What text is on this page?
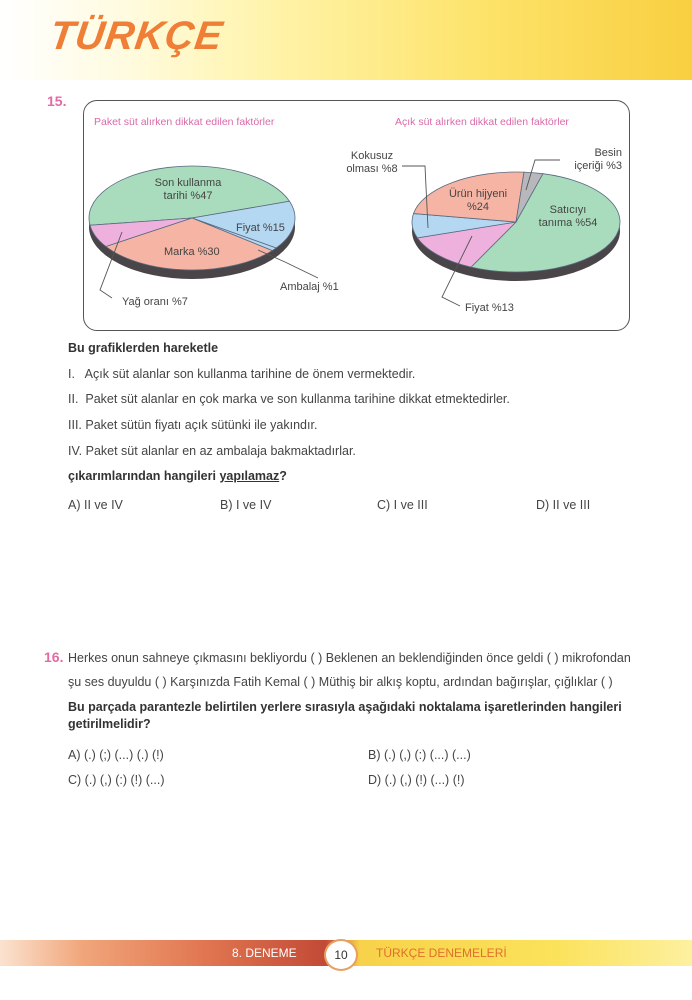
TÜRKÇE
15.
Paket süt alırken dikkat edilen faktörler	Açık süt alırken dikkat edilen faktörler
Son kullanma
tarihi %47
Fiyat %15
Marka %30
Ambalaj %1
Yağ oranı %7
Kokusuz
olması %8
Besin
içeriği %3
Ürün hijyeni
%24	Satıcıyı
tanıma %54
Fiyat %13
Bu grafiklerden hareketle
I.   Açık süt alanlar son kullanma tarihine de önem vermektedir.
II.  Paket süt alanlar en çok marka ve son kullanma tarihine dikkat etmektedirler.
III. Paket sütün fiyatı açık sütünki ile yakındır.
IV. Paket süt alanlar en az ambalaja bakmaktadırlar.
çıkarımlarından hangileri yapılamaz?
A) II ve IV	B) I ve IV	C) I ve III	D) II ve III
16. Herkes onun sahneye çıkmasını bekliyordu ( ) Beklenen an beklendiğinden önce geldi ( ) mikrofondan
şu ses duyuldu ( ) Karşınızda Fatih Kemal ( ) Müthiş bir alkış koptu, ardından bağırışlar, çığlıklar ( )
Bu parçada parantezle belirtilen yerlere sırasıyla aşağıdaki noktalama işaretlerinden hangileri
getirilmelidir?
A) (.) (;) (...) (.) (!)	B) (.) (,) (:) (...) (...)
C) (.) (,) (:) (!) (...)	D) (.) (,) (!) (...) (!)
8. DENEME	10	TÜRKÇE DENEMELERİ
